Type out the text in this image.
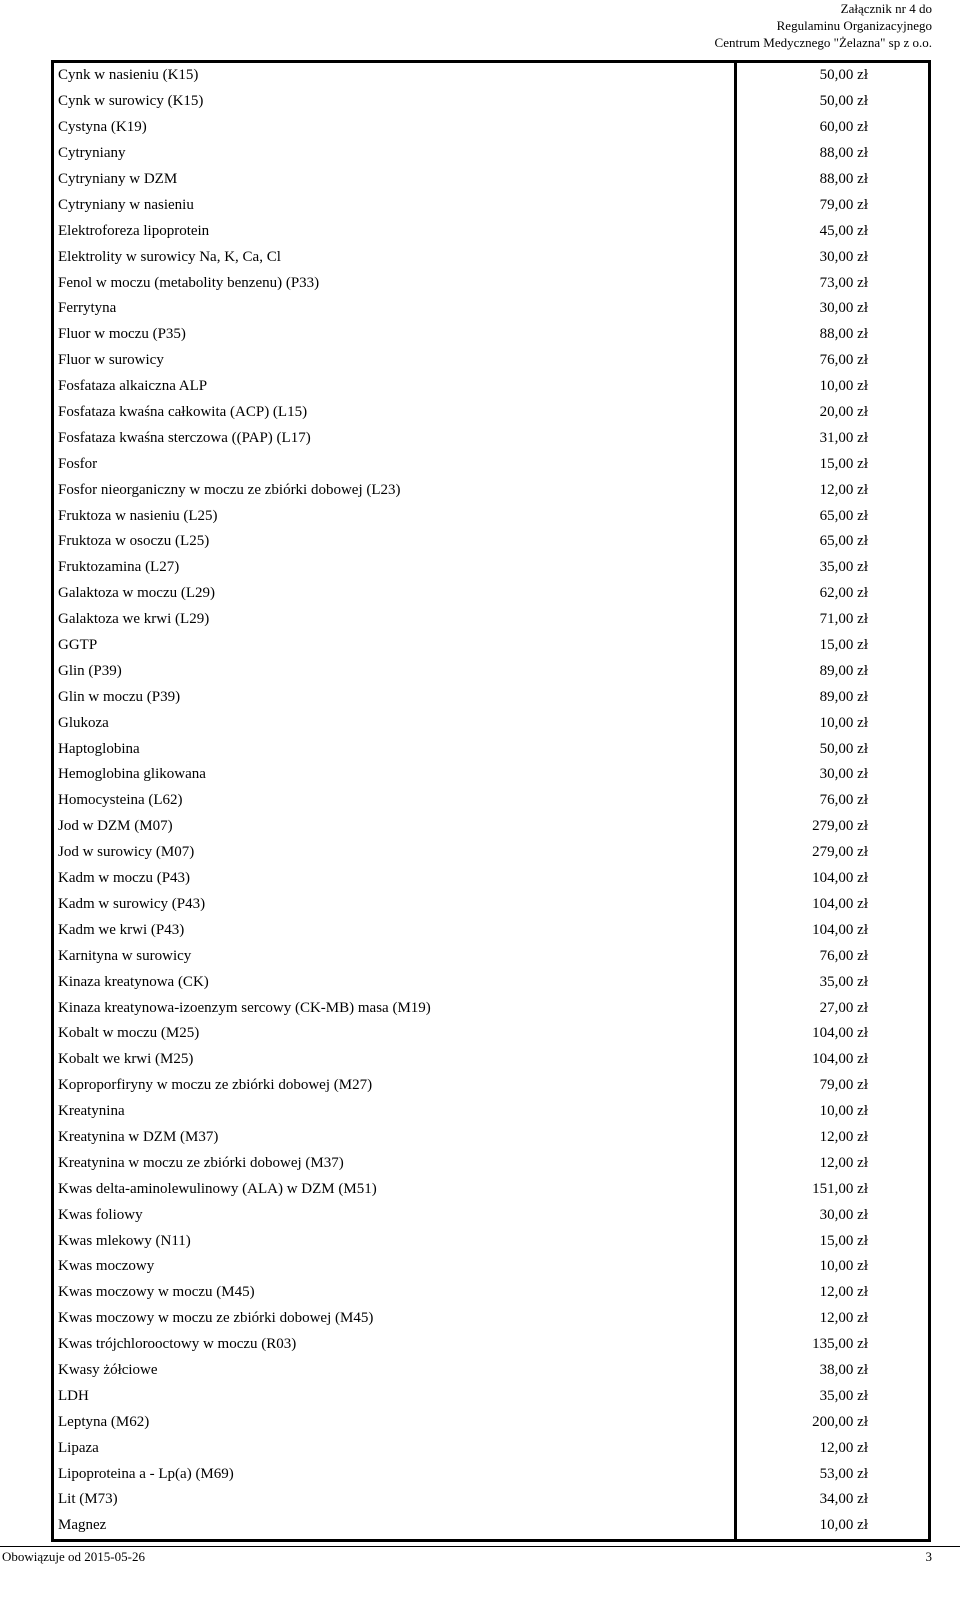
Załącznik nr 4 do
Regulaminu Organizacyjnego
Centrum Medycznego "Żelazna" sp z o.o.
Cynk w nasieniu (K15)	50,00 zł
Cynk w surowicy (K15)	50,00 zł
Cystyna (K19)	60,00 zł
Cytryniany	88,00 zł
Cytryniany w DZM	88,00 zł
Cytryniany w nasieniu	79,00 zł
Elektroforeza lipoprotein	45,00 zł
Elektrolity w surowicy Na, K, Ca, Cl	30,00 zł
Fenol w moczu (metabolity benzenu) (P33)	73,00 zł
Ferrytyna	30,00 zł
Fluor w moczu (P35)	88,00 zł
Fluor w surowicy	76,00 zł
Fosfataza alkaiczna ALP	10,00 zł
Fosfataza kwaśna całkowita (ACP) (L15)	20,00 zł
Fosfataza kwaśna sterczowa ((PAP) (L17)	31,00 zł
Fosfor	15,00 zł
Fosfor nieorganiczny w moczu ze zbiórki dobowej (L23)	12,00 zł
Fruktoza w nasieniu (L25)	65,00 zł
Fruktoza w osoczu (L25)	65,00 zł
Fruktozamina (L27)	35,00 zł
Galaktoza w moczu (L29)	62,00 zł
Galaktoza we krwi (L29)	71,00 zł
GGTP	15,00 zł
Glin (P39)	89,00 zł
Glin w moczu (P39)	89,00 zł
Glukoza	10,00 zł
Haptoglobina	50,00 zł
Hemoglobina glikowana	30,00 zł
Homocysteina (L62)	76,00 zł
Jod w DZM (M07)	279,00 zł
Jod w surowicy (M07)	279,00 zł
Kadm w moczu (P43)	104,00 zł
Kadm w surowicy (P43)	104,00 zł
Kadm we krwi (P43)	104,00 zł
Karnityna w surowicy	76,00 zł
Kinaza kreatynowa (CK)	35,00 zł
Kinaza kreatynowa-izoenzym sercowy (CK-MB) masa (M19)	27,00 zł
Kobalt w moczu (M25)	104,00 zł
Kobalt we krwi (M25)	104,00 zł
Koproporfiryny w moczu ze zbiórki dobowej (M27)	79,00 zł
Kreatynina	10,00 zł
Kreatynina w DZM (M37)	12,00 zł
Kreatynina w moczu ze zbiórki dobowej (M37)	12,00 zł
Kwas delta-aminolewulinowy (ALA) w DZM (M51)	151,00 zł
Kwas foliowy	30,00 zł
Kwas mlekowy (N11)	15,00 zł
Kwas moczowy	10,00 zł
Kwas moczowy w moczu (M45)	12,00 zł
Kwas moczowy w moczu ze zbiórki dobowej (M45)	12,00 zł
Kwas trójchlorooctowy w moczu (R03)	135,00 zł
Kwasy żółciowe	38,00 zł
LDH	35,00 zł
Leptyna (M62)	200,00 zł
Lipaza	12,00 zł
Lipoproteina a - Lp(a) (M69)	53,00 zł
Lit (M73)	34,00 zł
Magnez	10,00 zł
Obowiązuje od 2015-05-26	3
